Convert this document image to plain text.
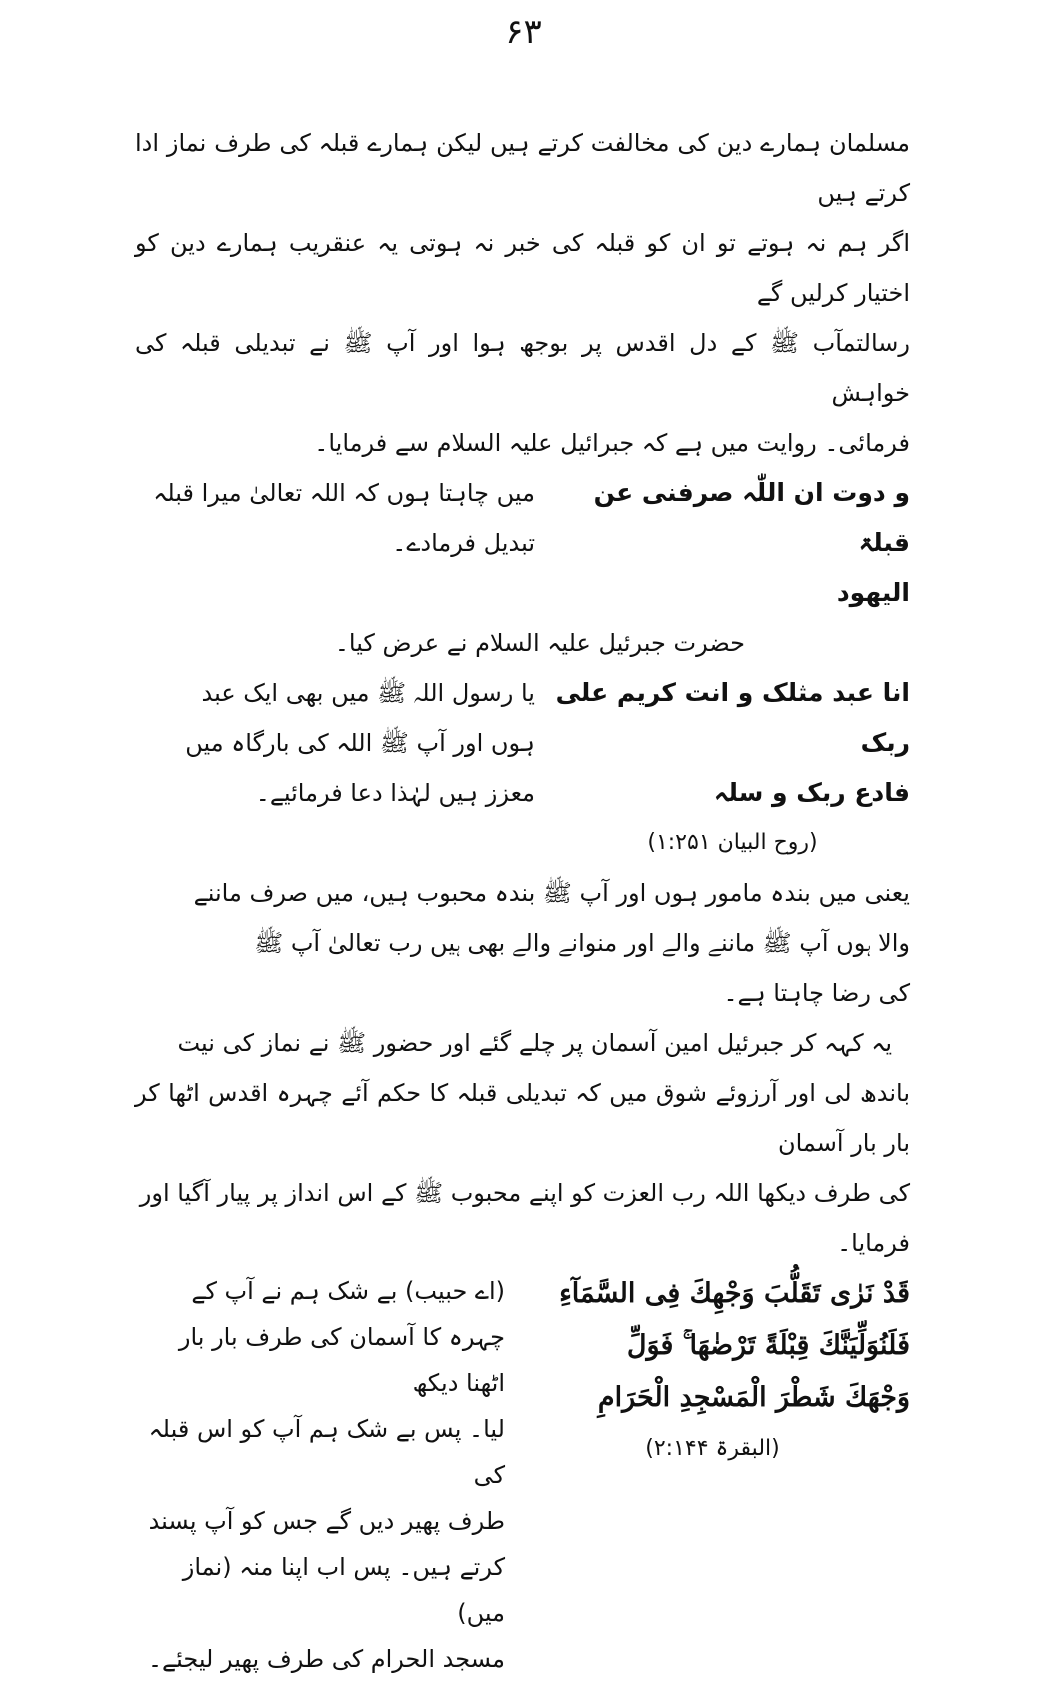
۶۳

مسلمان ہمارے دین کی مخالفت کرتے ہیں لیکن ہمارے قبلہ کی طرف نماز ادا کرتے ہیں

اگر ہم نہ ہوتے تو ان کو قبلہ کی خبر نہ ہوتی یہ عنقریب ہمارے دین کو اختیار کرلیں گے

رسالتمآب ﷺ کے دل اقدس پر بوجھ ہوا اور آپ ﷺ نے تبدیلی قبلہ کی خواہش

فرمائی۔ روایت میں ہے کہ جبرائیل علیہ السلام سے فرمایا۔

و دوت ان اللّٰہ صرفنی عن قبلۃ

الیھود

میں چاہتا ہوں کہ اللہ تعالیٰ میرا قبلہ

تبدیل فرمادے۔

حضرت جبرئیل علیہ السلام نے عرض کیا۔

انا عبد مثلک و انت کریم علی ربک

فادع ربک و سلہ

(روح البیان ۱:۲۵۱)

یا رسول اللہ ﷺ میں بھی ایک عبد

ہوں اور آپ ﷺ اللہ کی بارگاہ میں

معزز ہیں لہٰذا دعا فرمائیے۔

یعنی میں بندہ مامور ہوں اور آپ ﷺ بندہ محبوب ہیں، میں صرف ماننے

والا ہوں آپ ﷺ ماننے والے اور منوانے والے بھی ہیں رب تعالیٰ آپ ﷺ

کی رضا چاہتا ہے۔

یہ کہہ کر جبرئیل امین آسمان پر چلے گئے اور حضور ﷺ نے نماز کی نیت

باندھ لی اور آرزوئے شوق میں کہ تبدیلی قبلہ کا حکم آئے چہرہ اقدس اٹھا کر بار بار آسمان

کی طرف دیکھا اللہ رب العزت کو اپنے محبوب ﷺ کے اس انداز پر پیار آگیا اور

فرمایا۔

قَدْ نَرٰى تَقَلُّبَ وَجْهِكَ فِى السَّمَآءِ

فَلَنُوَلِّيَنَّكَ قِبْلَةً تَرْضٰهَا ۚ فَوَلِّ

وَجْهَكَ شَطْرَ الْمَسْجِدِ الْحَرَامِ

(البقرۃ ۲:۱۴۴)

(اے حبیب) بے شک ہم نے آپ کے

چہرہ کا آسمان کی طرف بار بار اٹھنا دیکھ

لیا۔ پس بے شک ہم آپ کو اس قبلہ کی

طرف پھیر دیں گے جس کو آپ پسند

کرتے ہیں۔ پس اب اپنا منہ (نماز میں)

مسجد الحرام کی طرف پھیر لیجئے۔
